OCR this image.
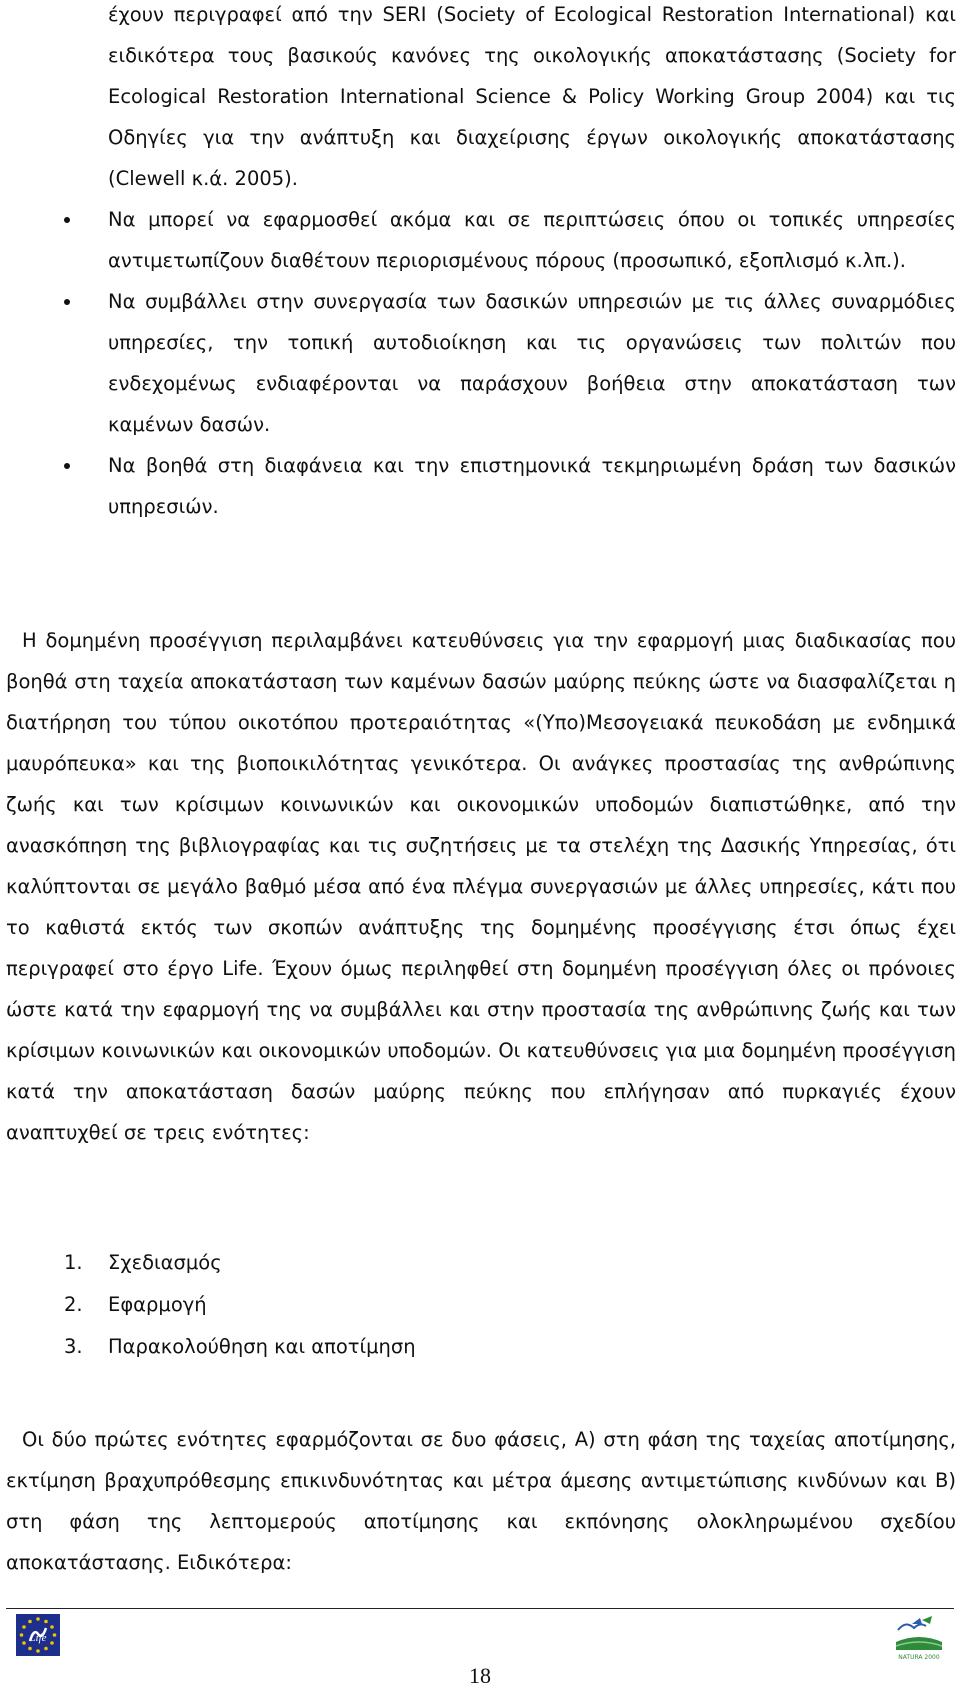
έχουν περιγραφεί από την SERI (Society of Ecological Restoration International) και ειδικότερα τους βασικούς κανόνες της οικολογικής αποκατάστασης (Society for Ecological Restoration International Science & Policy Working Group 2004) και τις Οδηγίες για την ανάπτυξη και διαχείρισης έργων οικολογικής αποκατάστασης (Clewell κ.ά. 2005).
Να μπορεί να εφαρμοσθεί ακόμα και σε περιπτώσεις όπου οι τοπικές υπηρεσίες αντιμετωπίζουν διαθέτουν περιορισμένους πόρους (προσωπικό, εξοπλισμό κ.λπ.).
Να συμβάλλει στην συνεργασία των δασικών υπηρεσιών με τις άλλες συναρμόδιες υπηρεσίες, την τοπική αυτοδιοίκηση και τις οργανώσεις των πολιτών που ενδεχομένως ενδιαφέρονται να παράσχουν βοήθεια στην αποκατάσταση των καμένων δασών.
Να βοηθά στη διαφάνεια και την επιστημονικά τεκμηριωμένη δράση των δασικών υπηρεσιών.

Η δομημένη προσέγγιση περιλαμβάνει κατευθύνσεις για την εφαρμογή μιας διαδικασίας που βοηθά στη ταχεία αποκατάσταση των καμένων δασών μαύρης πεύκης ώστε να διασφαλίζεται η διατήρηση του τύπου οικοτόπου προτεραιότητας «(Υπο)Μεσογειακά πευκοδάση με ενδημικά μαυρόπευκα» και της βιοποικιλότητας γενικότερα. Οι ανάγκες προστασίας της ανθρώπινης ζωής και των κρίσιμων κοινωνικών και οικονομικών υποδομών διαπιστώθηκε, από την ανασκόπηση της βιβλιογραφίας και τις συζητήσεις με τα στελέχη της Δασικής Υπηρεσίας, ότι καλύπτονται σε μεγάλο βαθμό μέσα από ένα πλέγμα συνεργασιών με άλλες υπηρεσίες, κάτι που το καθιστά εκτός των σκοπών ανάπτυξης της δομημένης προσέγγισης έτσι όπως έχει περιγραφεί στο έργο Life. Έχουν όμως περιληφθεί στη δομημένη προσέγγιση όλες οι πρόνοιες ώστε κατά την εφαρμογή της να συμβάλλει και στην προστασία της ανθρώπινης ζωής και των κρίσιμων κοινωνικών και οικονομικών υποδομών. Οι κατευθύνσεις για μια δομημένη προσέγγιση κατά την αποκατάσταση δασών μαύρης πεύκης που επλήγησαν από πυρκαγιές έχουν αναπτυχθεί σε τρεις ενότητες:

1.	Σχεδιασμός
2.	Εφαρμογή
3.	Παρακολούθηση και αποτίμηση

Οι δύο πρώτες ενότητες εφαρμόζονται σε δυο φάσεις, Α) στη φάση της ταχείας αποτίμησης, εκτίμηση βραχυπρόθεσμης επικινδυνότητας και μέτρα άμεσης αντιμετώπισης κινδύνων και Β) στη φάση της λεπτομερούς αποτίμησης και εκπόνησης ολοκληρωμένου σχεδίου αποκατάστασης. Ειδικότερα:

Life
NATURA 2000
18
